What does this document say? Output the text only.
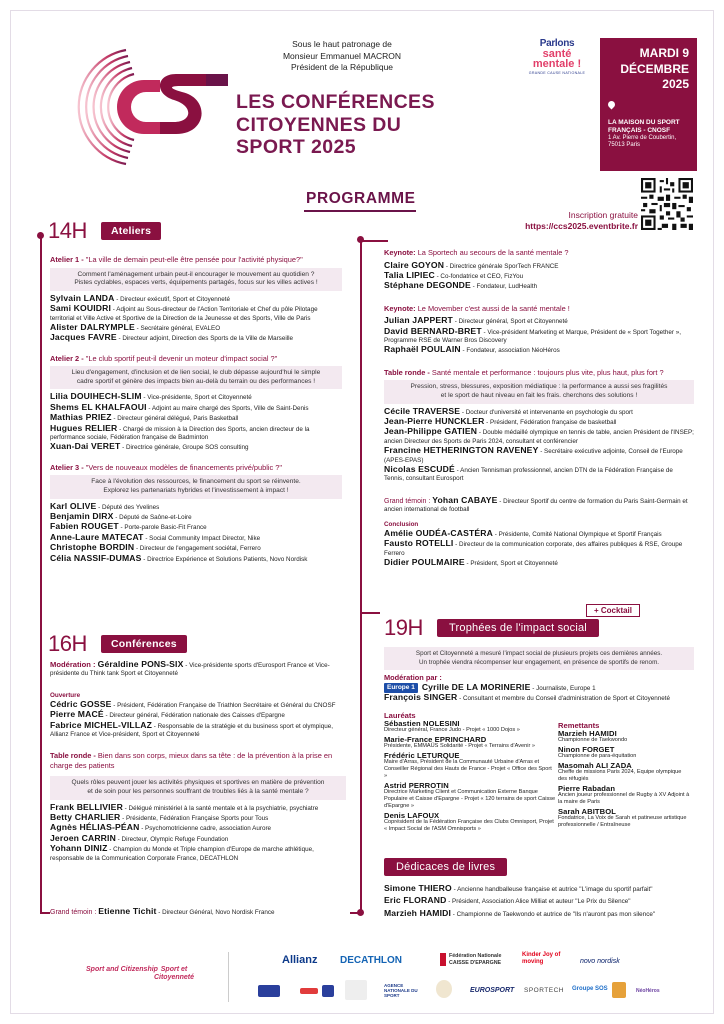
Sous le haut patronage de
Monsieur Emmanuel MACRON
Président de la République
LES CONFÉRENCES
CITOYENNES DU
SPORT 2025
Parlons
santé
mentale !
GRANDE CAUSE NATIONALE
MARDI 9
DÉCEMBRE
2025
LA MAISON DU SPORT FRANÇAIS - CNOSF
1 Av. Pierre de Coubertin, 75013 Paris
PROGRAMME
Inscription gratuite
https://ccs2025.eventbrite.fr
14H	Ateliers
Atelier 1 - "La ville de demain peut-elle être pensée pour l'activité physique?"
Comment l'aménagement urbain peut-il encourager le mouvement au quotidien ?
Pistes cyclables, espaces verts, équipements partagés, focus sur les villes actives !
Sylvain LANDA - Directeur exécutif, Sport et Citoyenneté
Sami KOUIDRI - Adjoint au Sous-directeur de l'Action Territoriale et Chef du pôle Pilotage territorial et Ville Active et Sportive de la Direction de la Jeunesse et des Sports, Ville de Paris
Alister DALRYMPLE - Secrétaire général, EVALEO
Jacques FAVRE - Directeur adjoint, Direction des Sports de la Ville de Marseille
Atelier 2 - "Le club sportif peut-il devenir un moteur d'impact social ?"
Lieu d'engagement, d'inclusion et de lien social, le club dépasse aujourd'hui le simple
cadre sportif et génère des impacts bien au-delà du terrain ou des performances !
Lilia DOUIHECH-SLIM - Vice-présidente, Sport et Citoyenneté
Shems EL KHALFAOUI - Adjoint au maire chargé des Sports, Ville de Saint-Denis
Mathias PRIEZ - Directeur général délégué, Paris Basketball
Hugues RELIER - Chargé de mission à la Direction des Sports, ancien directeur de la performance sociale, Fédération française de Badminton
Xuan-Dai VERET - Directrice générale, Groupe SOS consulting
Atelier 3 - "Vers de nouveaux modèles de financements privé/public ?"
Face à l'évolution des ressources, le financement du sport se réinvente.
Explorez les partenariats hybrides et l'investissement à impact !
Karl OLIVE - Député des Yvelines
Benjamin DIRX - Député de Saône-et-Loire
Fabien ROUGET - Porte-parole Basic-Fit France
Anne-Laure MATECAT - Social Community Impact Director, Nike
Christophe BORDIN - Directeur de l'engagement sociétal, Ferrero
Célia NASSIF-DUMAS - Directrice Expérience et Solutions Patients, Novo Nordisk
16H	Conférences
Modération : Géraldine PONS-SIX - Vice-présidente sports d'Eurosport France et Vice-présidente du Think tank Sport et Citoyenneté
Ouverture
Cédric GOSSE - Président, Fédération Française de Triathlon Secrétaire et Général du CNOSF
Pierre MACÉ - Directeur général, Fédération nationale des Caisses d'Epargne
Fabrice MICHEL-VILLAZ - Responsable de la stratégie et du business sport et olympique, Allianz France et Vice-président, Sport et Citoyenneté
Table ronde - Bien dans son corps, mieux dans sa tête : de la prévention à la prise en charge des patients
Quels rôles peuvent jouer les activités physiques et sportives en matière de prévention
et de soin pour les personnes souffrant de troubles liés à la santé mentale ?
Frank BELLIVIER - Délégué ministériel à la santé mentale et à la psychiatrie, psychiatre
Betty CHARLIER - Présidente, Fédération Française Sports pour Tous
Agnès HÉLIAS-PÉAN - Psychomotricienne cadre, association Aurore
Jeroen CARRIN - Directeur, Olympic Refuge Foundation
Yohann DINIZ - Champion du Monde et Triple champion d'Europe de marche athlétique, responsable de la Communication Corporate France, DECATHLON
Grand témoin : Etienne Tichit - Directeur Général, Novo Nordisk France
Keynote: La Sportech au secours de la santé mentale ?
Claire GOYON - Directrice générale SporTech FRANCE
Talia LIPIEC - Co-fondatrice et CEO, FizYou
Stéphane DEGONDE - Fondateur, LudHealth
Keynote: Le Movember c'est aussi de la santé mentale !
Julian JAPPERT - Directeur général, Sport et Citoyenneté
David BERNARD-BRET - Vice-président Marketing et Marque, Président de « Sport Together », Programme RSE de Warner Bros Discovery
Raphaël POULAIN - Fondateur, association NéoHéros
Table ronde - Santé mentale et performance : toujours plus vite, plus haut, plus fort ?
Pression, stress, blessures, exposition médiatique : la performance a aussi ses fragilités
et le sport de haut niveau en fait les frais. cherchons des solutions !
Cécile TRAVERSE - Docteur d'université et intervenante en psychologie du sport
Jean-Pierre HUNCKLER - Président, Fédération française de basketball
Jean-Philippe GATIEN - Double médaillé olympique en tennis de table, ancien Président de l'INSEP; ancien Directeur des Sports de Paris 2024, consultant et conférencier
Francine HETHERINGTON RAVENEY - Secrétaire exécutive adjointe, Conseil de l'Europe (APES-EPAS)
Nicolas ESCUDÉ - Ancien Tennisman professionnel, ancien DTN de la Fédération Française de Tennis, consultant Eurosport
Grand témoin : Yohan CABAYE - Directeur Sportif du centre de formation du Paris Saint-Germain et ancien international de football
Conclusion
Amélie OUDÉA-CASTÉRA - Présidente, Comité National Olympique et Sportif Français
Fausto ROTELLI - Directeur de la communication corporate, des affaires publiques & RSE, Groupe Ferrero
Didier POULMAIRE - Président, Sport et Citoyenneté
19H	Trophées de l'impact social
+ Cocktail
Sport et Citoyenneté a mesuré l'impact social de plusieurs projets ces dernières années.
Un trophée viendra récompenser leur engagement, en présence de sportifs de renom.
Modération par :
Europe 1 Cyrille DE LA MORINERIE - Journaliste, Europe 1
François SINGER - Consultant et membre du Conseil d'administration de Sport et Citoyenneté
Lauréats
Sébastien NOLESINI
Directeur général, France Judo - Projet « 1000 Dojos »
Marie-France EPRINCHARD
Présidente, EMMAÜS Solidarité - Projet « Terrains d'Avenir »
Frédéric LETURQUE
Maire d'Arras, Président de la Communauté Urbaine d'Arras et Conseiller Régional des Hauts de France - Projet « Office des Sport »
Astrid PERROTIN
Directrice Marketing Client et Communication Externe Banque Populaire et Caisse d'Epargne - Projet « 120 terrains de sport Caisse d'Epargne »
Denis LAFOUX
Coprésident de la Fédération Française des Clubs Omnisport, Projet « Impact Social de l'ASM Omnisports »
Remettants
Marzieh HAMIDI
Championne de Taekwondo
Ninon FORGET
Championne de para-équitation
Masomah ALI ZADA
Cheffe de missions Paris 2024, Equipe olympique des réfugiés
Pierre Rabadan
Ancien joueur professionnel de Rugby à XV Adjoint à la maire de Paris
Sarah ABITBOL
Fondatrice, La Voix de Sarah et patineuse artistique professionnelle / Entraîneuse
Dédicaces de livres
Simone THIERO - Ancienne handballeuse française et autrice "L'image du sportif parfait"
Eric FLORAND - Président, Association Alice Milliat et auteur "Le Prix du Silence"
Marzieh HAMIDI - Championne de Taekwondo et autrice de "Ils n'auront pas mon silence"
Sport and Citizenship Sport et Citoyenneté
Allianz DECATHLON	Fédération Nationale CAISSE D'EPARGNE
Kinder Joy of moving	novo nordisk
AGENCE NATIONALE DU SPORT
EUROSPORT SPORTECH Groupe SOS	NéoHéros
